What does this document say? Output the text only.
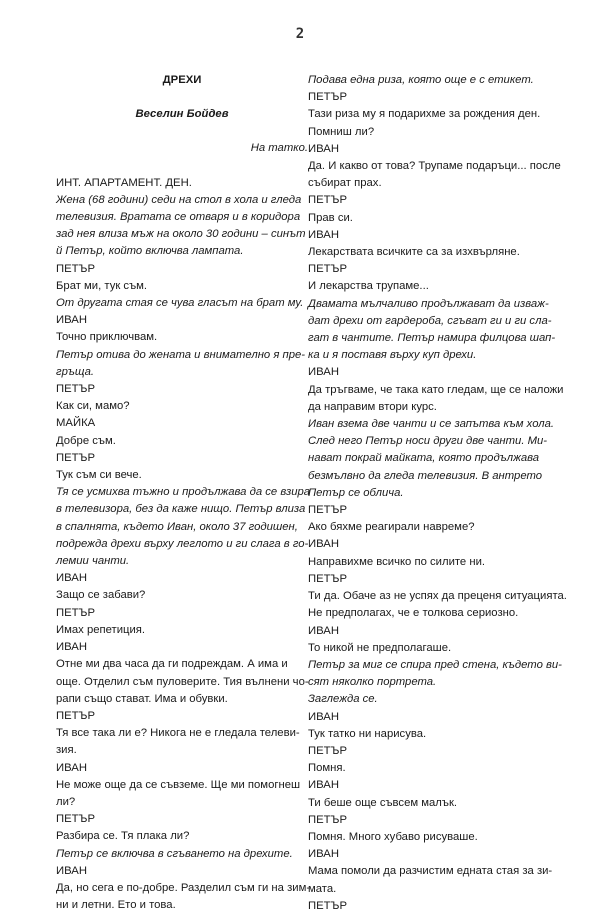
2

ДРЕХИ

Веселин Бойдев

На татко.

ИНТ. АПАРТАМЕНТ. ДЕН.

Жена (68 години) седи на стол в хола и гледа

телевизия. Вратата се отваря и в коридора

зад нея влиза мъж на около 30 години – синът

й Петър, който включва лампата.

ПЕТЪР

Брат ми, тук съм.

От другата стая се чува гласът на брат му.

ИВАН

Точно приключвам.

Петър отива до жената и внимателно я пре-

гръща.

ПЕТЪР

Как си, мамо?

МАЙКА

Добре съм.

ПЕТЪР

Тук съм си вече.

Тя се усмихва тъжно и продължава да се взира

в телевизора, без да каже нищо. Петър влиза

в спалнята, където Иван, около 37 годишен,

подрежда дрехи върху леглото и ги слага в го-

лемии чанти.

ИВАН

Защо се забави?

ПЕТЪР

Имах репетиция.

ИВАН

Отне ми два часа да ги подреждам. А има и

още. Отделил съм пуловерите. Тия вълнени чо-

рапи също стават. Има и обувки.

ПЕТЪР

Тя все така ли е? Никога не е гледала телеви-

зия.

ИВАН

Не може още да се съвземе. Ще ми помогнеш

ли?

ПЕТЪР

Разбира се. Тя плака ли?

Петър се включва в сгъването на дрехите.

ИВАН

Да, но сега е по-добре. Разделил съм ги на зим-

ни и летни. Ето и това.

Подава една риза, която още е с етикет.

ПЕТЪР

Тази риза му я подарихме за рождения ден.

Помниш ли?

ИВАН

Да. И какво от това? Трупаме подаръци... после

събират прах.

ПЕТЪР

Прав си.

ИВАН

Лекарствата всичките са за изхвърляне.

ПЕТЪР

И лекарства трупаме...

Двамата мълчаливо продължават да изваж-

дат дрехи от гардероба, сгъват ги и ги сла-

гат в чантите. Петър намира филцова шап-

ка и я поставя върху куп дрехи.

ИВАН

Да тръгваме, че така като гледам, ще се наложи

да направим втори курс.

Иван взема две чанти и се запътва към хола.

След него Петър носи други две чанти. Ми-

нават покрай майката, която продължава

безмълвно да гледа телевизия. В антрето

Петър се облича.

ПЕТЪР

Ако бяхме реагирали навреме?

ИВАН

Направихме всичко по силите ни.

ПЕТЪР

Ти да. Обаче аз не успях да преценя ситуацията.

Не предполагах, че е толкова сериозно.

ИВАН

То никой не предполагаше.

Петър за миг се спира пред стена, където ви-

сят няколко портрета.

Заглежда се.

ИВАН

Тук татко ни нарисува.

ПЕТЪР

Помня.

ИВАН

Ти беше още съвсем малък.

ПЕТЪР

Помня. Много хубаво рисуваше.

ИВАН

Мама помоли да разчистим едната стая за зи-

мата.

ПЕТЪР
